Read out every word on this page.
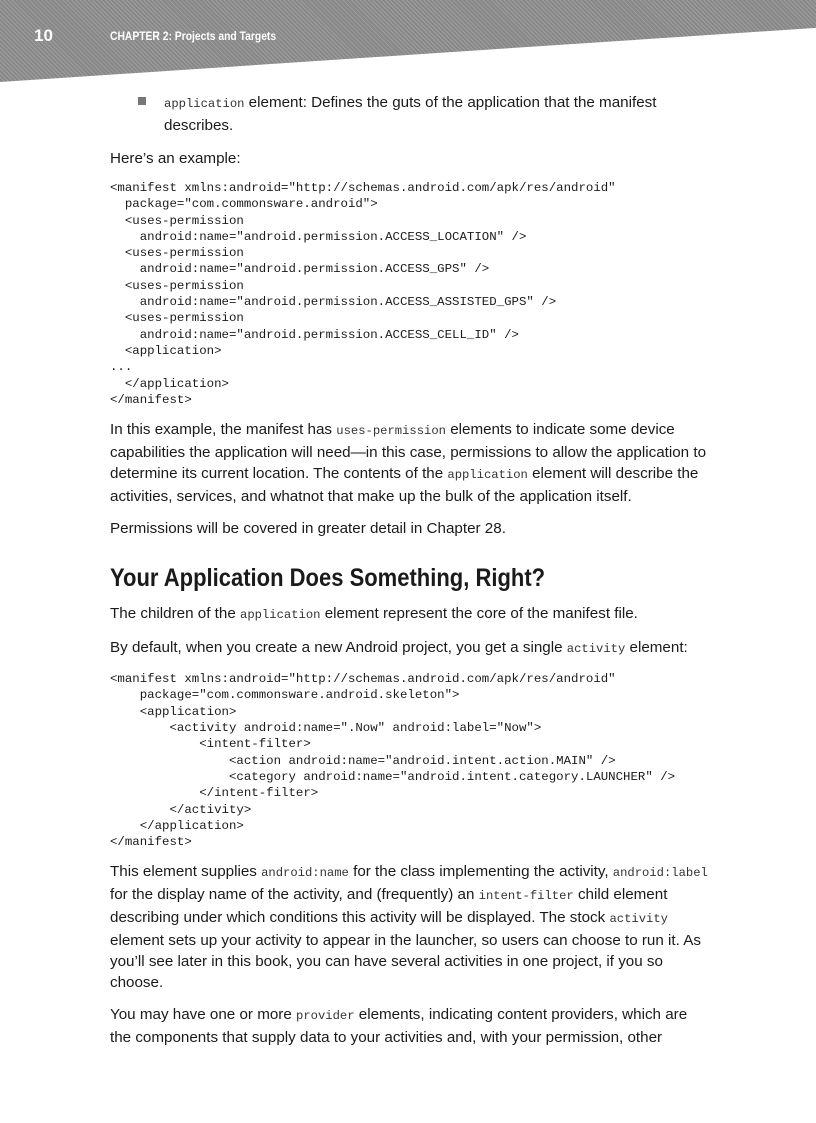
10	CHAPTER 2: Projects and Targets
application element: Defines the guts of the application that the manifest describes.

Here’s an example:

<manifest xmlns:android="http://schemas.android.com/apk/res/android"
package="com.commonsware.android">
<uses-permission
android:name="android.permission.ACCESS_LOCATION" />
<uses-permission
android:name="android.permission.ACCESS_GPS" />
<uses-permission
android:name="android.permission.ACCESS_ASSISTED_GPS" />
<uses-permission
android:name="android.permission.ACCESS_CELL_ID" />
<application>
...
</application>
</manifest>

In this example, the manifest has uses-permission elements to indicate some device capabilities the application will need—in this case, permissions to allow the application to determine its current location. The contents of the application element will describe the activities, services, and whatnot that make up the bulk of the application itself.

Permissions will be covered in greater detail in Chapter 28.

Your Application Does Something, Right?

The children of the application element represent the core of the manifest file.

By default, when you create a new Android project, you get a single activity element:

<manifest xmlns:android="http://schemas.android.com/apk/res/android"
package="com.commonsware.android.skeleton">
<application>
<activity android:name=".Now" android:label="Now">
<intent-filter>
<action android:name="android.intent.action.MAIN" />
<category android:name="android.intent.category.LAUNCHER" />
</intent-filter>
</activity>
</application>
</manifest>

This element supplies android:name for the class implementing the activity, android:label for the display name of the activity, and (frequently) an intent-filter child element describing under which conditions this activity will be displayed. The stock activity element sets up your activity to appear in the launcher, so users can choose to run it. As you’ll see later in this book, you can have several activities in one project, if you so choose.

You may have one or more provider elements, indicating content providers, which are the components that supply data to your activities and, with your permission, other
